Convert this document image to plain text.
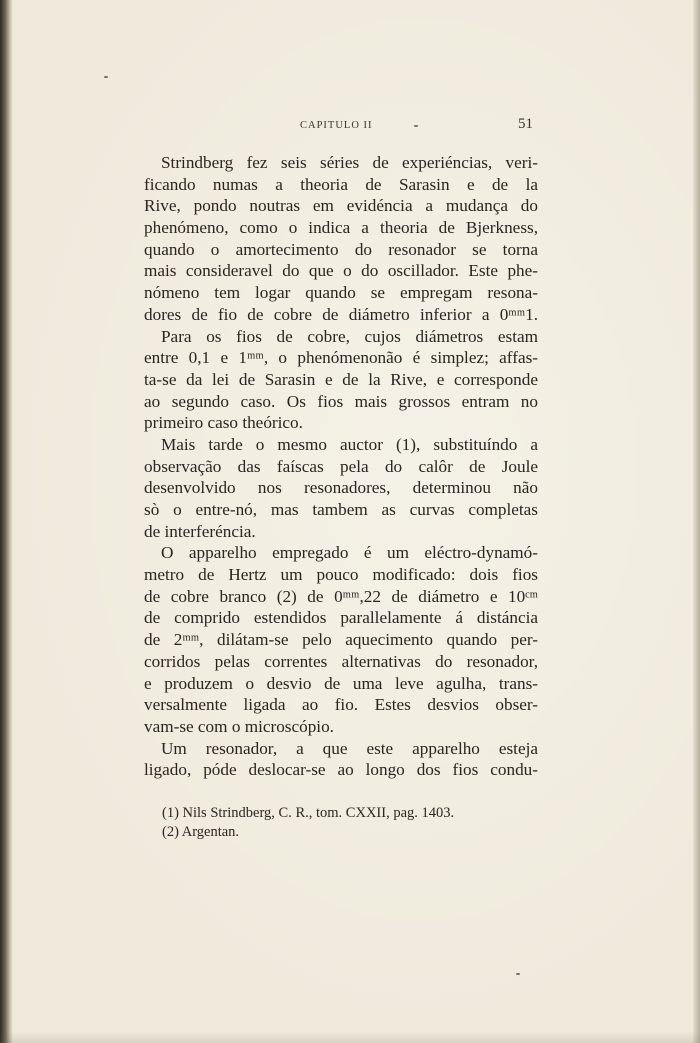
CAPITULO II	51
Strindberg fez seis séries de experiéncias, veri-
ficando numas a theoria de Sarasin e de la
Rive, pondo noutras em evidéncia a mudança do
phenómeno, como o indica a theoria de Bjerkness,
quando o amortecimento do resonador se torna
mais consideravel do que o do oscillador. Este phe-
nómeno tem logar quando se empregam resona-
dores de fio de cobre de diámetro inferior a 0ᵐᵐ1.
Para os fios de cobre, cujos diámetros estam
entre 0,1 e 1ᵐᵐ, o phenómenonão é simplez; affas-
ta-se da lei de Sarasin e de la Rive, e corresponde
ao segundo caso. Os fios mais grossos entram no
primeiro caso theórico.
Mais tarde o mesmo auctor (1), substituíndo a
observação das faíscas pela do calôr de Joule
desenvolvido nos resonadores, determinou não
sò o entre-nó, mas tambem as curvas completas
de interferéncia.
O apparelho empregado é um eléctro-dynamó-
metro de Hertz um pouco modificado: dois fios
de cobre branco (2) de 0ᵐᵐ,22 de diámetro e 10ᶜᵐ
de comprido estendidos parallelamente á distáncia
de 2ᵐᵐ, dilátam-se pelo aquecimento quando per-
corridos pelas correntes alternativas do resonador,
e produzem o desvio de uma leve agulha, trans-
versalmente ligada ao fio. Estes desvios obser-
vam-se com o microscópio.
Um resonador, a que este apparelho esteja
ligado, póde deslocar-se ao longo dos fios condu-
(1) Nils Strindberg, C. R., tom. CXXII, pag. 1403.
(2) Argentan.
